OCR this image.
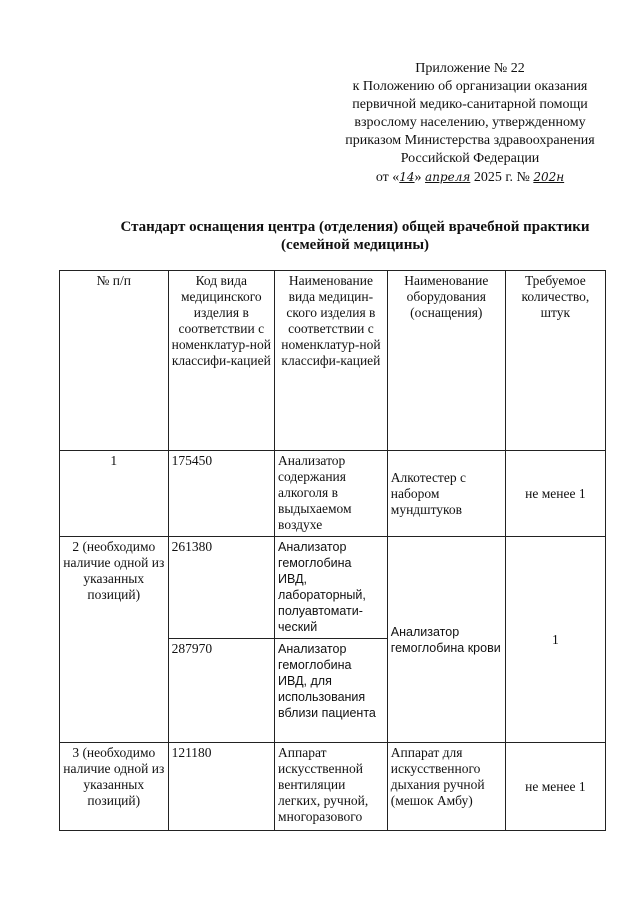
Приложение № 22
к Положению об организации оказания
первичной медико-санитарной помощи
взрослому населению, утвержденному
приказом Министерства здравоохранения
Российской Федерации
от «14» апреля 2025 г. № 202н
Стандарт оснащения центра (отделения) общей врачебной практики
(семейной медицины)
№ п/п	Код вида медицинского изделия в соответствии с номенклатур-ной классифи-кацией	Наименование вида медицин-ского изделия в соответствии с номенклатур-ной классифи-кацией	Наименование оборудования (оснащения)	Требуемое количество, штук
1	175450	Анализатор содержания алкоголя в выдыхаемом воздухе	Алкотестер с набором мундштуков	не менее 1
2 (необходимо наличие одной из указанных позиций)	261380	Анализатор гемоглобина ИВД, лабораторный, полуавтомати-ческий	Анализатор гемоглобина крови	1
	287970	Анализатор гемоглобина ИВД, для использования вблизи пациента		
3 (необходимо наличие одной из указанных позиций)	121180	Аппарат искусственной вентиляции легких, ручной, многоразового	Аппарат для искусственного дыхания ручной (мешок Амбу)	не менее 1
